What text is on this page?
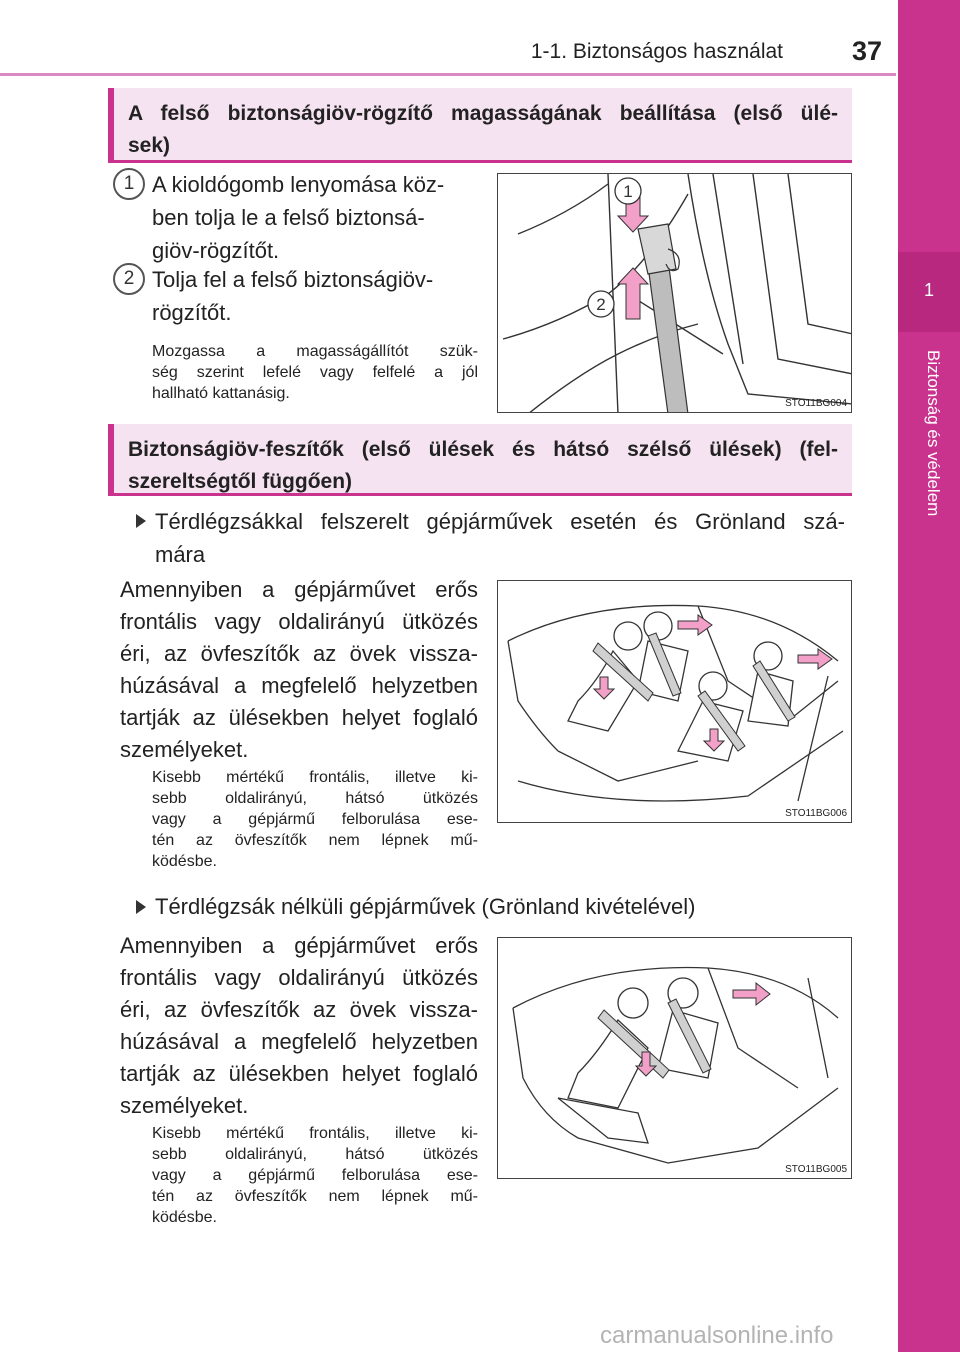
1-1. Biztonságos használat	37
1
Biztonság és védelem
A felső biztonságiöv-rögzítő magasságának beállítása (első ülé-
sek)
1 A kioldógomb lenyomása köz-
ben tolja le a felső biztonsá-
giöv-rögzítőt.
2 Tolja fel a felső biztonságiöv-
rögzítőt.
Mozgassa a magasságállítót szük-
ség szerint lefelé vagy felfelé a jól
hallható kattanásig.
1
2
STO11BG004
Biztonságiöv-feszítők (első ülések és hátsó szélső ülések) (fel-
szereltségtől függően)
Térdlégzsákkal felszerelt gépjárművek esetén és Grönland szá-
mára
Amennyiben a gépjárművet erős
frontális vagy oldalirányú ütközés
éri, az övfeszítők az övek vissza-
húzásával a megfelelő helyzetben
tartják az ülésekben helyet foglaló
személyeket.
Kisebb mértékű frontális, illetve ki-
sebb oldalirányú, hátsó ütközés
vagy a gépjármű felborulása ese-
tén az övfeszítők nem lépnek mű-
ködésbe.
STO11BG006
Térdlégzsák nélküli gépjárművek (Grönland kivételével)
Amennyiben a gépjárművet erős
frontális vagy oldalirányú ütközés
éri, az övfeszítők az övek vissza-
húzásával a megfelelő helyzetben
tartják az ülésekben helyet foglaló
személyeket.
Kisebb mértékű frontális, illetve ki-
sebb oldalirányú, hátsó ütközés
vagy a gépjármű felborulása ese-
tén az övfeszítők nem lépnek mű-
ködésbe.
STO11BG005
carmanualsonline.info
